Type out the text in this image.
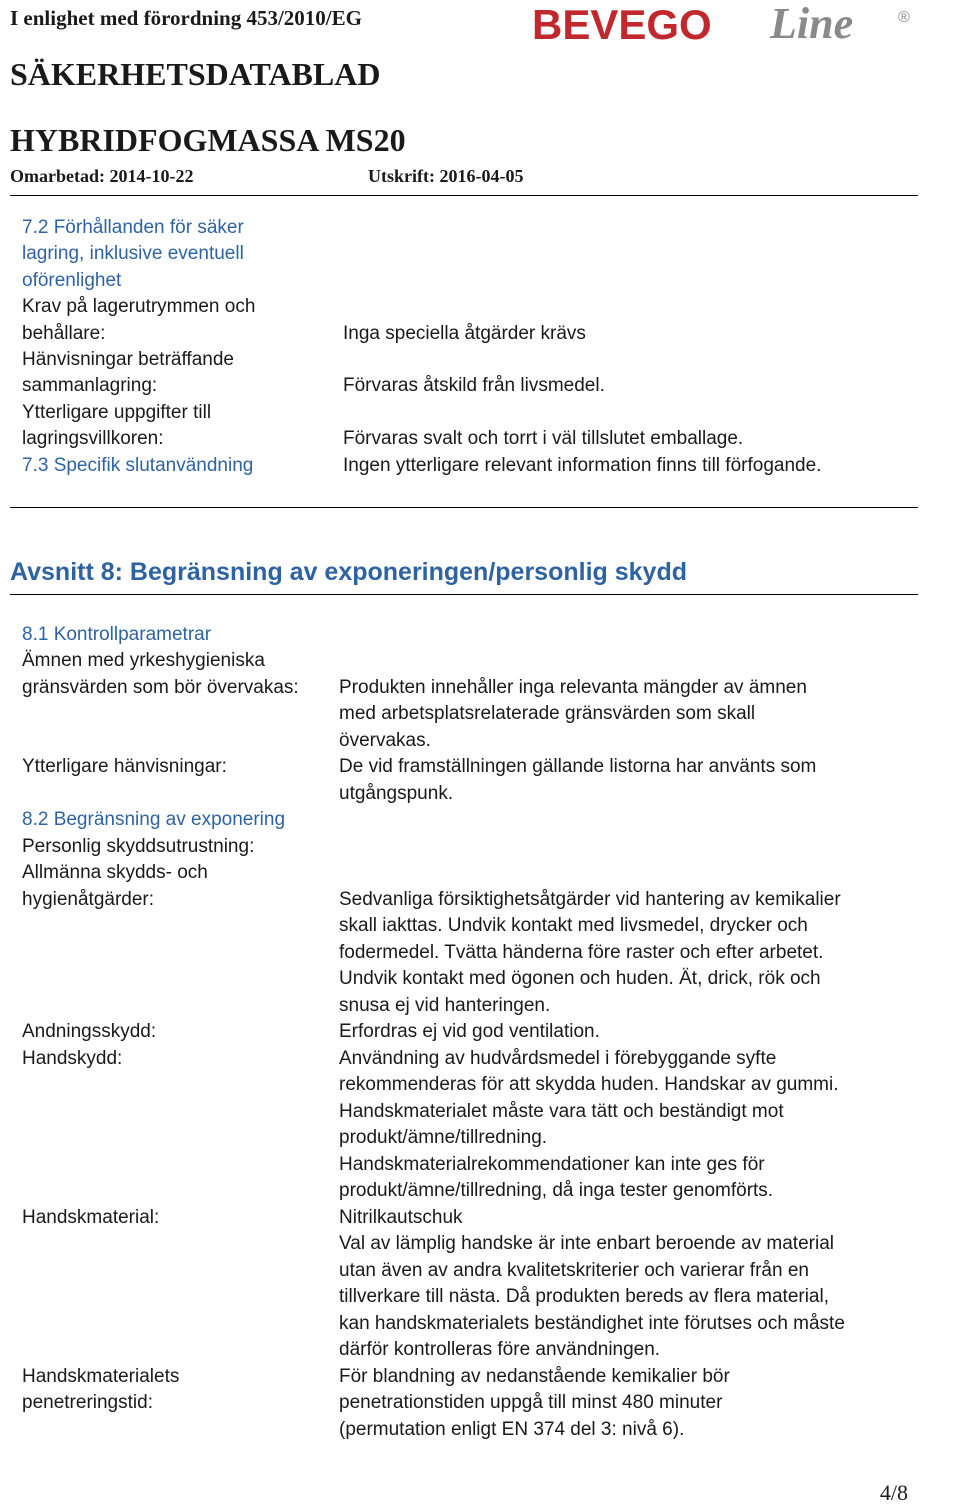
I enlighet med förordning 453/2010/EG
SÄKERHETSDATABLAD
HYBRIDFOGMASSA MS20
Omarbetad: 2014-10-22	Utskrift: 2016-04-05
BEVEGO Line	®
7.2 Förhållanden för säker
lagring, inklusive eventuell
oförenlighet
Krav på lagerutrymmen och
behållare:	Inga speciella åtgärder krävs
Hänvisningar beträffande
sammanlagring:	Förvaras åtskild från livsmedel.
Ytterligare uppgifter till
lagringsvillkoren:	Förvaras svalt och torrt i väl tillslutet emballage.
7.3 Specifik slutanvändning	Ingen ytterligare relevant information finns till förfogande.
Avsnitt 8: Begränsning av exponeringen/personlig skydd
8.1 Kontrollparametrar
Ämnen med yrkeshygieniska
gränsvärden som bör övervakas: Produkten innehåller inga relevanta mängder av ämnen
med arbetsplatsrelaterade gränsvärden som skall
övervakas.
Ytterligare hänvisningar:	De vid framställningen gällande listorna har använts som
utgångspunk.
8.2 Begränsning av exponering
Personlig skyddsutrustning:
Allmänna skydds- och
hygienåtgärder:	Sedvanliga försiktighetsåtgärder vid hantering av kemikalier
skall iakttas. Undvik kontakt med livsmedel, drycker och
fodermedel. Tvätta händerna före raster och efter arbetet.
Undvik kontakt med ögonen och huden. Ät, drick, rök och
snusa ej vid hanteringen.
Andningsskydd:	Erfordras ej vid god ventilation.
Handskydd:	Användning av hudvårdsmedel i förebyggande syfte
rekommenderas för att skydda huden. Handskar av gummi.
Handskmaterialet måste vara tätt och beständigt mot
produkt/ämne/tillredning.
Handskmaterialrekommendationer kan inte ges för
produkt/ämne/tillredning, då inga tester genomförts.
Handskmaterial:	Nitrilkautschuk
Val av lämplig handske är inte enbart beroende av material
utan även av andra kvalitetskriterier och varierar från en
tillverkare till nästa. Då produkten bereds av flera material,
kan handskmaterialets beständighet inte förutses och måste
därför kontrolleras före användningen.
Handskmaterialets
penetreringstid:
För blandning av nedanstående kemikalier bör
penetrationstiden uppgå till minst 480 minuter
(permutation enligt EN 374 del 3: nivå 6).
4/8
